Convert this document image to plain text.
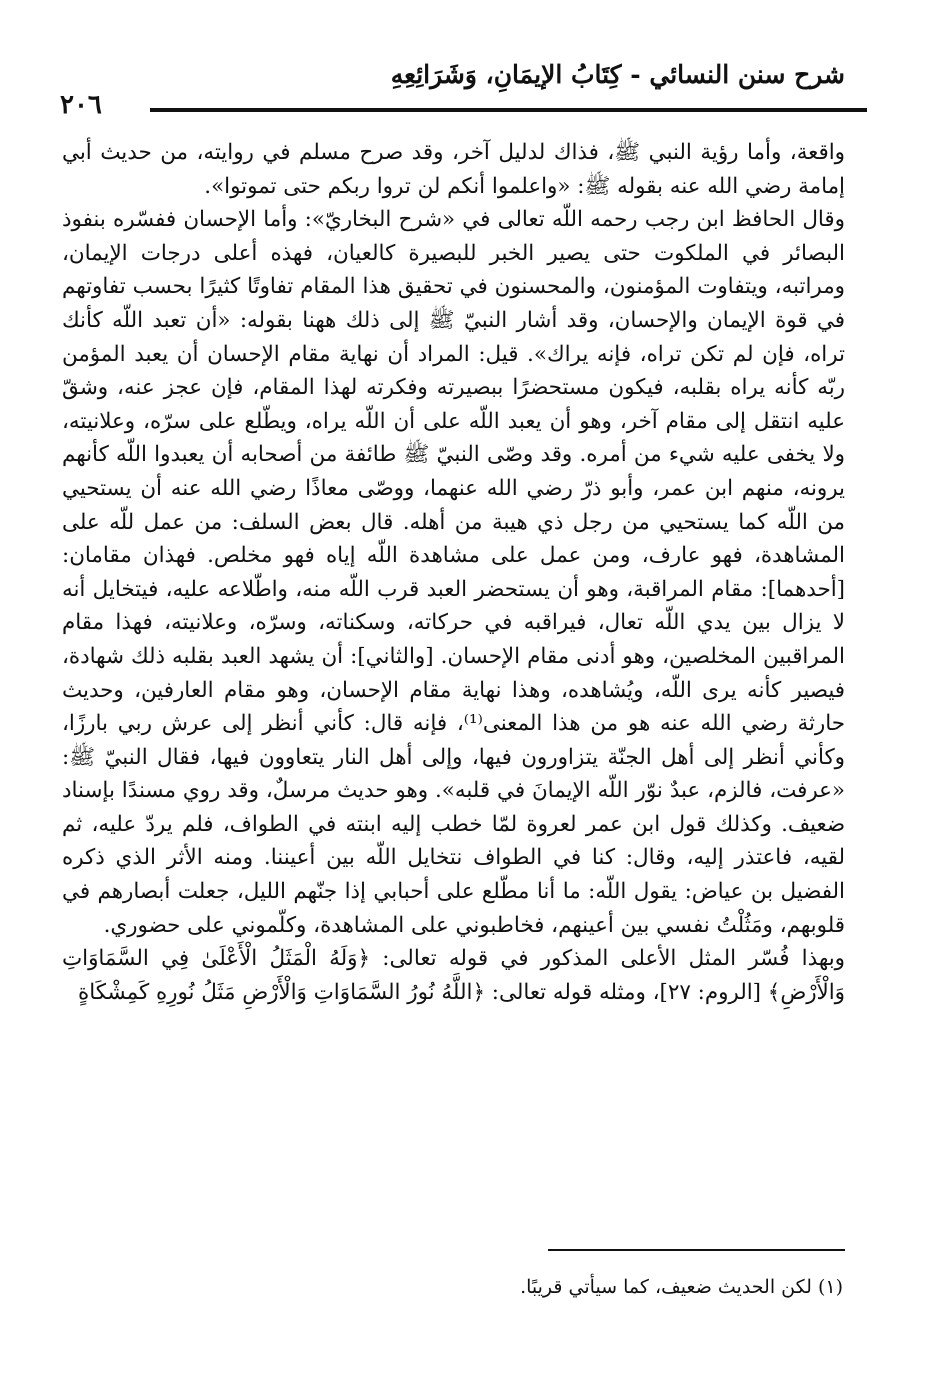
شرح سنن النسائي - كِتَابُ الإيمَانِ، وَشَرَائِعِهِ
٢٠٦

واقعة، وأما رؤية النبي ﷺ، فذاك لدليل آخر، وقد صرح مسلم في روايته، من حديث أبي إمامة رضي الله عنه بقوله ﷺ: «واعلموا أنكم لن تروا ربكم حتى تموتوا».

وقال الحافظ ابن رجب رحمه اللّه تعالى في «شرح البخاريّ»: وأما الإحسان ففسّره بنفوذ البصائر في الملكوت حتى يصير الخبر للبصيرة كالعيان، فهذه أعلى درجات الإيمان، ومراتبه، ويتفاوت المؤمنون، والمحسنون في تحقيق هذا المقام تفاوتًا كثيرًا بحسب تفاوتهم في قوة الإيمان والإحسان، وقد أشار النبيّ ﷺ إلى ذلك ههنا بقوله: «أن تعبد اللّه كأنك تراه، فإن لم تكن تراه، فإنه يراك». قيل: المراد أن نهاية مقام الإحسان أن يعبد المؤمن ربّه كأنه يراه بقلبه، فيكون مستحضرًا ببصيرته وفكرته لهذا المقام، فإن عجز عنه، وشقّ عليه انتقل إلى مقام آخر، وهو أن يعبد اللّه على أن اللّه يراه، ويطّلع على سرّه، وعلانيته، ولا يخفى عليه شيء من أمره. وقد وصّى النبيّ ﷺ طائفة من أصحابه أن يعبدوا اللّه كأنهم يرونه، منهم ابن عمر، وأبو ذرّ رضي الله عنهما، ووصّى معاذًا رضي الله عنه أن يستحيي من اللّه كما يستحيي من رجل ذي هيبة من أهله. قال بعض السلف: من عمل للّه على المشاهدة، فهو عارف، ومن عمل على مشاهدة اللّه إياه فهو مخلص. فهذان مقامان: [أحدهما]: مقام المراقبة، وهو أن يستحضر العبد قرب اللّه منه، واطّلاعه عليه، فيتخايل أنه لا يزال بين يدي اللّه تعال، فيراقبه في حركاته، وسكناته، وسرّه، وعلانيته، فهذا مقام المراقبين المخلصين، وهو أدنى مقام الإحسان. [والثاني]: أن يشهد العبد بقلبه ذلك شهادة، فيصير كأنه يرى اللّه، ويُشاهده، وهذا نهاية مقام الإحسان، وهو مقام العارفين، وحديث حارثة رضي الله عنه هو من هذا المعنى⁽¹⁾، فإنه قال: كأني أنظر إلى عرش ربي بارزًا، وكأني أنظر إلى أهل الجنّة يتزاورون فيها، وإلى أهل النار يتعاوون فيها، فقال النبيّ ﷺ: «عرفت، فالزم، عبدٌ نوّر اللّه الإيمانَ في قلبه». وهو حديث مرسلٌ، وقد روي مسندًا بإسناد ضعيف. وكذلك قول ابن عمر لعروة لمّا خطب إليه ابنته في الطواف، فلم يردّ عليه، ثم لقيه، فاعتذر إليه، وقال: كنا في الطواف نتخايل اللّه بين أعيننا. ومنه الأثر الذي ذكره الفضيل بن عياض: يقول اللّه: ما أنا مطّلع على أحبابي إذا جنّهم الليل، جعلت أبصارهم في قلوبهم، ومَثُلْتُ نفسي بين أعينهم، فخاطبوني على المشاهدة، وكلّموني على حضوري.

وبهذا فُسّر المثل الأعلى المذكور في قوله تعالى: ﴿وَلَهُ الْمَثَلُ الْأَعْلَىٰ فِي السَّمَاوَاتِ وَالْأَرْضِ﴾ [الروم: ٢٧]، ومثله قوله تعالى: ﴿اللَّهُ نُورُ السَّمَاوَاتِ وَالْأَرْضِ مَثَلُ نُورِهِ كَمِشْكَاةٍ

(١) لكن الحديث ضعيف، كما سيأتي قريبًا.
